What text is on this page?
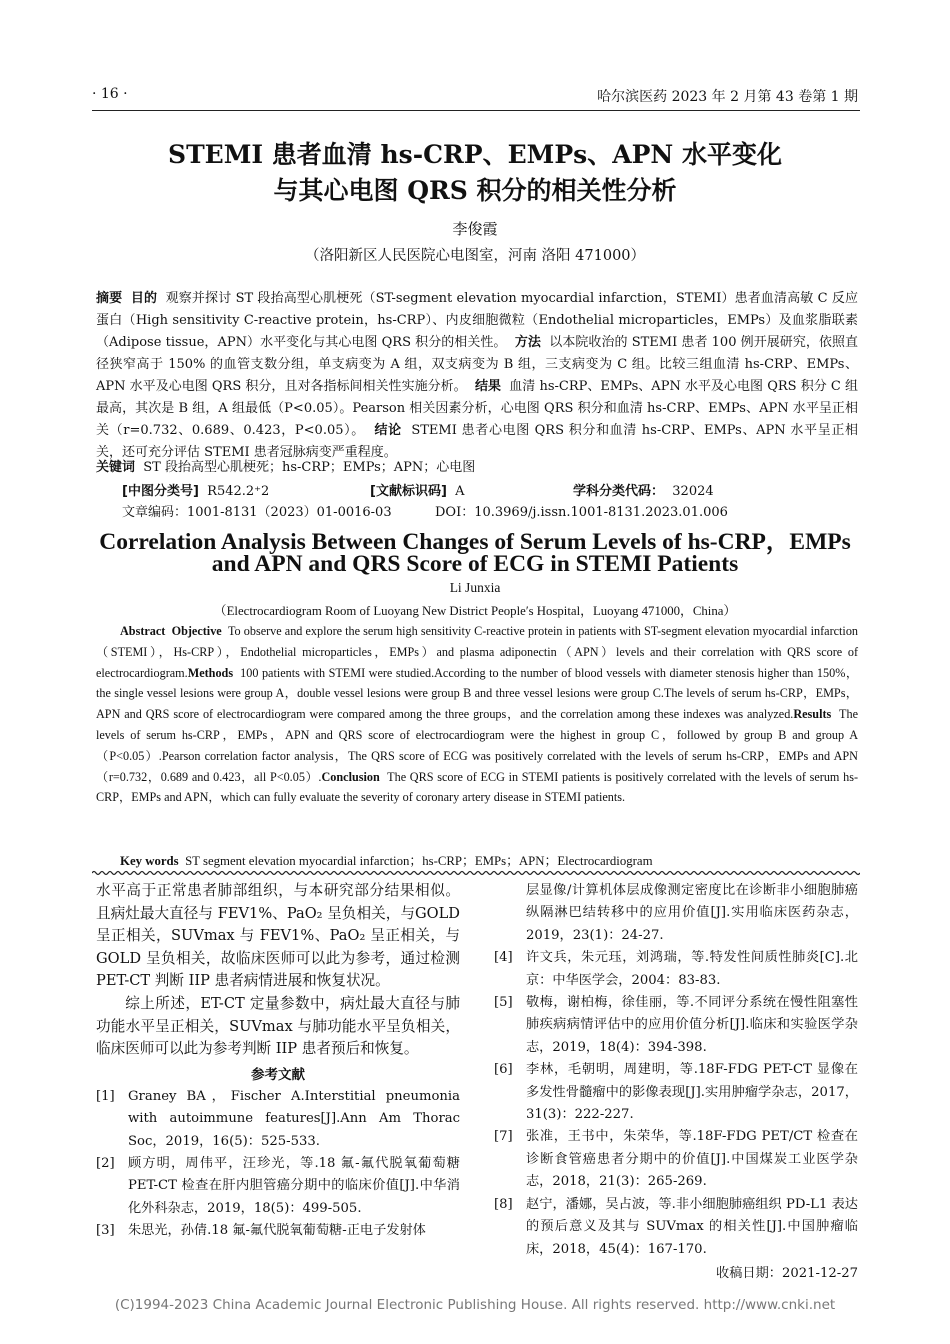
· 16 ·	哈尔滨医药 2023 年 2 月第 43 卷第 1 期
STEMI 患者血清 hs-CRP、EMPs、APN 水平变化
与其心电图 QRS 积分的相关性分析
李俊霞
（洛阳新区人民医院心电图室，河南 洛阳 471000）
摘要 目的 观察并探讨 ST 段抬高型心肌梗死（ST-segment elevation myocardial infarction，STEMI）患者血清高敏 C 反应蛋白（High sensitivity C-reactive protein，hs-CRP）、内皮细胞微粒（Endothelial microparticles，EMPs）及血浆脂联素（Adipose tissue，APN）水平变化与其心电图 QRS 积分的相关性。 方法 以本院收治的 STEMI 患者 100 例开展研究，依照直径狭窄高于 150% 的血管支数分组，单支病变为 A 组，双支病变为 B 组，三支病变为 C 组。比较三组血清 hs-CRP、EMPs、APN 水平及心电图 QRS 积分，且对各指标间相关性实施分析。 结果 血清 hs-CRP、EMPs、APN 水平及心电图 QRS 积分 C 组最高，其次是 B 组，A 组最低（P<0.05）。Pearson 相关因素分析，心电图 QRS 积分和血清 hs-CRP、EMPs、APN 水平呈正相关（r=0.732、0.689、0.423，P<0.05）。 结论 STEMI 患者心电图 QRS 积分和血清 hs-CRP、EMPs、APN 水平呈正相关，还可充分评估 STEMI 患者冠脉病变严重程度。
关键词 ST 段抬高型心肌梗死；hs-CRP；EMPs；APN；心电图
[中图分类号] R542.2⁺2	[文献标识码] A	学科分类代码： 32024
文章编码：1001-8131（2023）01-0016-03	DOI：10.3969/j.issn.1001-8131.2023.01.006
Correlation Analysis Between Changes of Serum Levels of hs-CRP，EMPs
and APN and QRS Score of ECG in STEMI Patients
Li Junxia
（Electrocardiogram Room of Luoyang New District People′s Hospital，Luoyang 471000，China）
Abstract Objective To observe and explore the serum high sensitivity C-reactive protein in patients with ST-segment elevation myocardial infarction（STEMI），Hs-CRP），Endothelial microparticles，EMPs）and plasma adiponectin（APN）levels and their correlation with QRS score of electrocardiogram.Methods 100 patients with STEMI were studied.According to the number of blood vessels with diameter stenosis higher than 150%，the single vessel lesions were group A，double vessel lesions were group B and three vessel lesions were group C.The levels of serum hs-CRP，EMPs，APN and QRS score of electrocardiogram were compared among the three groups，and the correlation among these indexes was analyzed.Results The levels of serum hs-CRP，EMPs，APN and QRS score of electrocardiogram were the highest in group C，followed by group B and group A（P<0.05）.Pearson correlation factor analysis，The QRS score of ECG was positively correlated with the levels of serum hs-CRP，EMPs and APN（r=0.732，0.689 and 0.423，all P<0.05）.Conclusion The QRS score of ECG in STEMI patients is positively correlated with the levels of serum hs-CRP，EMPs and APN，which can fully evaluate the severity of coronary artery disease in STEMI patients.
Key words ST segment elevation myocardial infarction；hs-CRP；EMPs；APN；Electrocardiogram

水平高于正常患者肺部组织，与本研究部分结果相似。且病灶最大直径与 FEV1%、PaO₂ 呈负相关，与GOLD 呈正相关，SUVmax 与 FEV1%、PaO₂ 呈正相关，与 GOLD 呈负相关，故临床医师可以此为参考，通过检测 PET-CT 判断 IIP 患者病情进展和恢复状况。

综上所述，ET-CT 定量参数中，病灶最大直径与肺功能水平呈正相关，SUVmax 与肺功能水平呈负相关，临床医师可以此为参考判断 IIP 患者预后和恢复。

参考文献
[1] Graney BA，Fischer A.Interstitial pneumonia with autoimmune features[J].Ann Am Thorac Soc，2019，16(5)：525-533.
[2] 顾方明，周伟平，汪珍光，等.18 氟-氟代脱氧葡萄糖 PET-CT 检查在肝内胆管癌分期中的临床价值[J].中华消化外科杂志，2019，18(5)：499-505.
[3] 朱思光，孙倩.18 氟-氟代脱氧葡萄糖-正电子发射体
层显像/计算机体层成像测定密度比在诊断非小细胞肺癌纵隔淋巴结转移中的应用价值[J].实用临床医药杂志，2019，23(1)：24-27.
[4] 许文兵，朱元珏，刘鸿瑞，等.特发性间质性肺炎[C].北京：中华医学会，2004：83-83.
[5] 敬梅，谢柏梅，徐佳丽，等.不同评分系统在慢性阻塞性肺疾病病情评估中的应用价值分析[J].临床和实验医学杂志，2019，18(4)：394-398.
[6] 李林，毛朝明，周建明，等.18F-FDG PET-CT 显像在多发性骨髓瘤中的影像表现[J].实用肿瘤学杂志，2017，31(3)：222-227.
[7] 张准，王书中，朱荣华，等.18F-FDG PET/CT 检查在诊断食管癌患者分期中的价值[J].中国煤炭工业医学杂志，2018，21(3)：265-269.
[8] 赵宁，潘娜，吴占波，等.非小细胞肺癌组织 PD-L1 表达的预后意义及其与 SUVmax 的相关性[J].中国肿瘤临床，2018，45(4)：167-170.
收稿日期：2021-12-27
(C)1994-2023 China Academic Journal Electronic Publishing House. All rights reserved. http://www.cnki.net
